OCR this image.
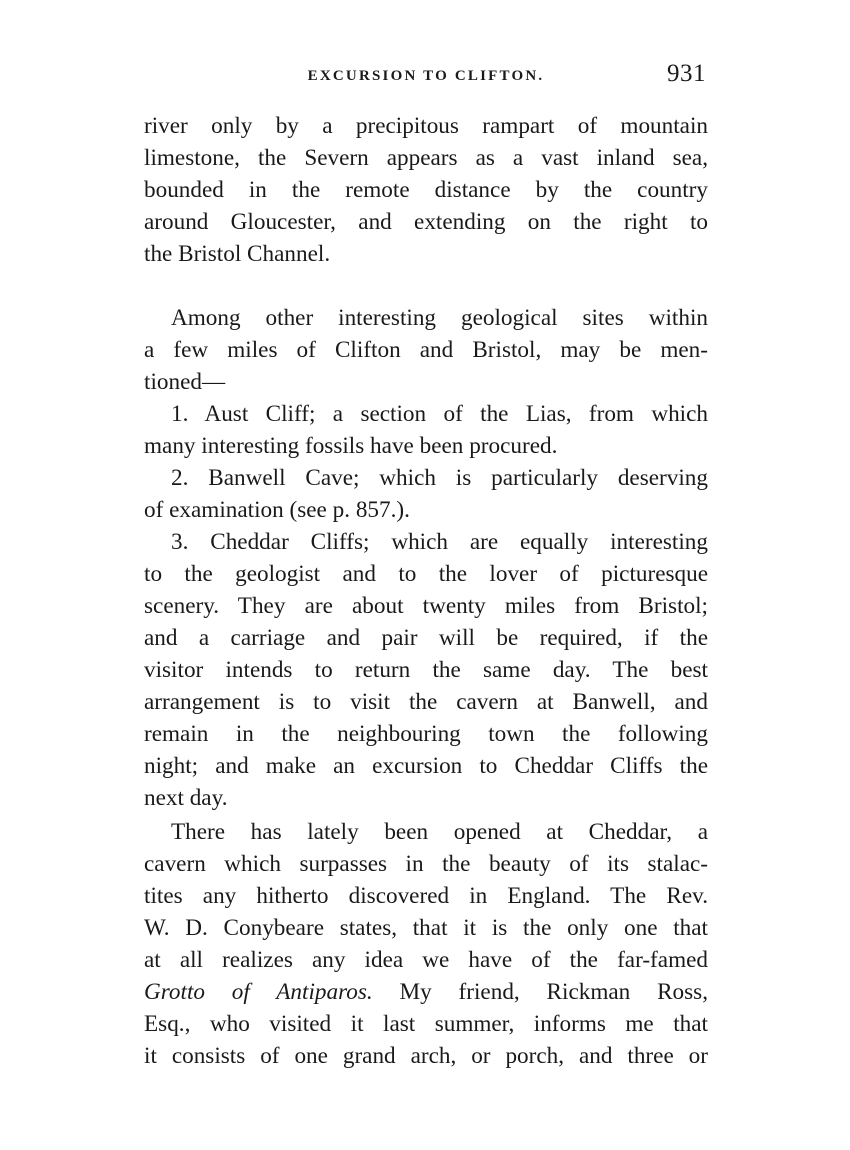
EXCURSION TO CLIFTON.	931
river only by a precipitous rampart of mountain
limestone, the Severn appears as a vast inland sea,
bounded in the remote distance by the country
around Gloucester, and extending on the right to
the Bristol Channel.
Among other interesting geological sites within
a few miles of Clifton and Bristol, may be men-
tioned—
1. Aust Cliff; a section of the Lias, from which
many interesting fossils have been procured.
2. Banwell Cave; which is particularly deserving
of examination (see p. 857.).
3. Cheddar Cliffs; which are equally interesting
to the geologist and to the lover of picturesque
scenery. They are about twenty miles from Bristol;
and a carriage and pair will be required, if the
visitor intends to return the same day. The best
arrangement is to visit the cavern at Banwell, and
remain in the neighbouring town the following
night; and make an excursion to Cheddar Cliffs the
next day.
There has lately been opened at Cheddar, a
cavern which surpasses in the beauty of its stalac-
tites any hitherto discovered in England. The Rev.
W. D. Conybeare states, that it is the only one that
at all realizes any idea we have of the far-famed
Grotto of Antiparos. My friend, Rickman Ross,
Esq., who visited it last summer, informs me that
it consists of one grand arch, or porch, and three or
